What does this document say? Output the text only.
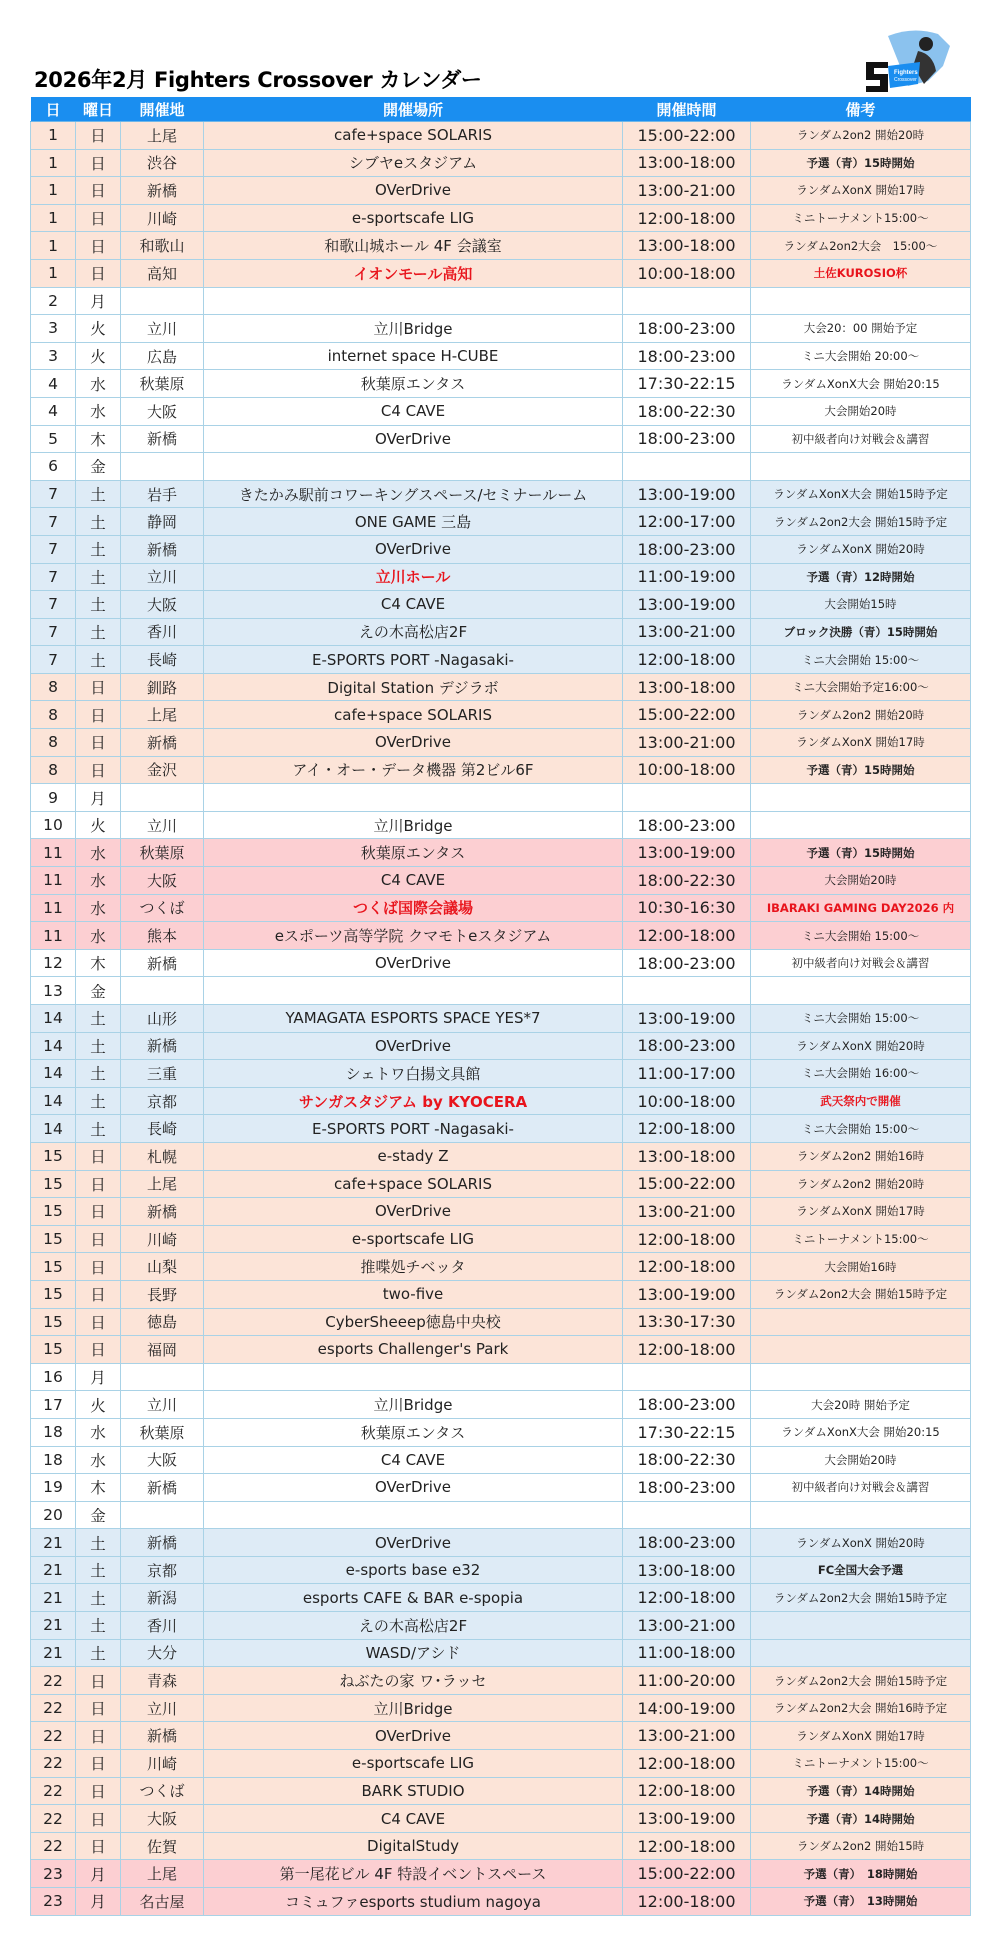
2026年2月 Fighters Crossover カレンダー	Fighters
Crossover
日	曜日	開催地	開催場所	開催時間	備考
1	日	上尾	cafe+space SOLARIS	15:00-22:00	ランダム2on2 開始20時
1	日	渋谷	シブヤeスタジアム	13:00-18:00	予選（青）15時開始
1	日	新橋	OVerDrive	13:00-21:00	ランダムXonX 開始17時
1	日	川崎	e-sportscafe LIG	12:00-18:00	ミニトーナメント15:00～
1	日	和歌山	和歌山城ホール 4F 会議室	13:00-18:00	ランダム2on2大会　15:00～
1	日	高知	イオンモール高知	10:00-18:00	土佐KUROSIO杯
2	月				
3	火	立川	立川Bridge	18:00-23:00	大会20：00 開始予定
3	火	広島	internet space H-CUBE	18:00-23:00	ミニ大会開始 20:00～
4	水	秋葉原	秋葉原エンタス	17:30-22:15	ランダムXonX大会 開始20:15
4	水	大阪	C4 CAVE	18:00-22:30	大会開始20時
5	木	新橋	OVerDrive	18:00-23:00	初中級者向け対戦会＆講習
6	金				
7	土	岩手	きたかみ駅前コワーキングスペース/セミナールーム	13:00-19:00	ランダムXonX大会 開始15時予定
7	土	静岡	ONE GAME 三島	12:00-17:00	ランダム2on2大会 開始15時予定
7	土	新橋	OVerDrive	18:00-23:00	ランダムXonX 開始20時
7	土	立川	立川ホール	11:00-19:00	予選（青）12時開始
7	土	大阪	C4 CAVE	13:00-19:00	大会開始15時
7	土	香川	えの木高松店2F	13:00-21:00	ブロック決勝（青）15時開始
7	土	長崎	E-SPORTS PORT -Nagasaki-	12:00-18:00	ミニ大会開始 15:00～
8	日	釧路	Digital Station デジラボ	13:00-18:00	ミニ大会開始予定16:00～
8	日	上尾	cafe+space SOLARIS	15:00-22:00	ランダム2on2 開始20時
8	日	新橋	OVerDrive	13:00-21:00	ランダムXonX 開始17時
8	日	金沢	アイ・オー・データ機器 第2ビル6F	10:00-18:00	予選（青）15時開始
9	月				
10	火	立川	立川Bridge	18:00-23:00	
11	水	秋葉原	秋葉原エンタス	13:00-19:00	予選（青）15時開始
11	水	大阪	C4 CAVE	18:00-22:30	大会開始20時
11	水	つくば	つくば国際会議場	10:30-16:30	IBARAKI GAMING DAY2026 内
11	水	熊本	eスポーツ高等学院 クマモトeスタジアム	12:00-18:00	ミニ大会開始 15:00～
12	木	新橋	OVerDrive	18:00-23:00	初中級者向け対戦会＆講習
13	金				
14	土	山形	YAMAGATA ESPORTS SPACE YES*7	13:00-19:00	ミニ大会開始 15:00～
14	土	新橋	OVerDrive	18:00-23:00	ランダムXonX 開始20時
14	土	三重	シェトワ白揚文具館	11:00-17:00	ミニ大会開始 16:00～
14	土	京都	サンガスタジアム by KYOCERA	10:00-18:00	武天祭内で開催
14	土	長崎	E-SPORTS PORT -Nagasaki-	12:00-18:00	ミニ大会開始 15:00～
15	日	札幌	e-stady Z	13:00-18:00	ランダム2on2 開始16時
15	日	上尾	cafe+space SOLARIS	15:00-22:00	ランダム2on2 開始20時
15	日	新橋	OVerDrive	13:00-21:00	ランダムXonX 開始17時
15	日	川崎	e-sportscafe LIG	12:00-18:00	ミニトーナメント15:00～
15	日	山梨	推喋処チベッタ	12:00-18:00	大会開始16時
15	日	長野	two-five	13:00-19:00	ランダム2on2大会 開始15時予定
15	日	徳島	CyberSheeep徳島中央校	13:30-17:30	
15	日	福岡	esports Challenger's Park	12:00-18:00	
16	月				
17	火	立川	立川Bridge	18:00-23:00	大会20時 開始予定
18	水	秋葉原	秋葉原エンタス	17:30-22:15	ランダムXonX大会 開始20:15
18	水	大阪	C4 CAVE	18:00-22:30	大会開始20時
19	木	新橋	OVerDrive	18:00-23:00	初中級者向け対戦会＆講習
20	金				
21	土	新橋	OVerDrive	18:00-23:00	ランダムXonX 開始20時
21	土	京都	e-sports base e32	13:00-18:00	FC全国大会予選
21	土	新潟	esports CAFE & BAR e-spopia	12:00-18:00	ランダム2on2大会 開始15時予定
21	土	香川	えの木高松店2F	13:00-21:00	
21	土	大分	WASD/アシド	11:00-18:00	
22	日	青森	ねぶたの家 ワ･ラッセ	11:00-20:00	ランダム2on2大会 開始15時予定
22	日	立川	立川Bridge	14:00-19:00	ランダム2on2大会 開始16時予定
22	日	新橋	OVerDrive	13:00-21:00	ランダムXonX 開始17時
22	日	川崎	e-sportscafe LIG	12:00-18:00	ミニトーナメント15:00～
22	日	つくば	BARK STUDIO	12:00-18:00	予選（青）14時開始
22	日	大阪	C4 CAVE	13:00-19:00	予選（青）14時開始
22	日	佐賀	DigitalStudy	12:00-18:00	ランダム2on2 開始15時
23	月	上尾	第一尾花ビル 4F 特設イベントスペース	15:00-22:00	予選（青）　18時開始
23	月	名古屋	コミュファesports studium nagoya	12:00-18:00	予選（青）　13時開始
